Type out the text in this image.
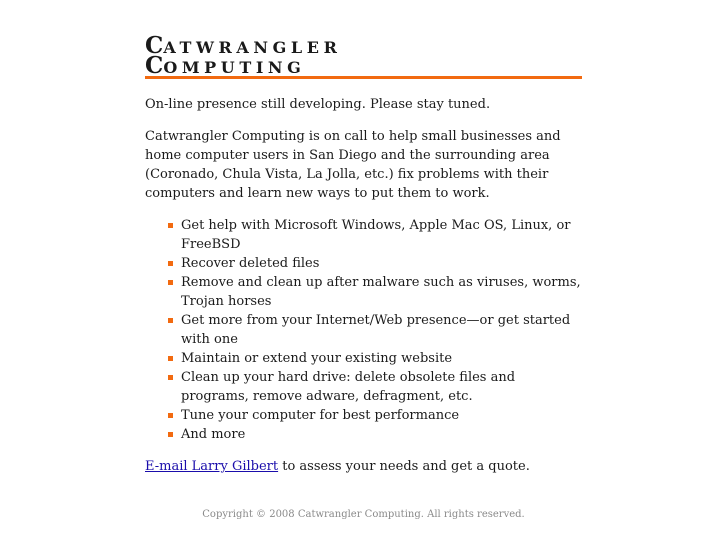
CATWRANGLER
COMPUTING

On-line presence still developing. Please stay tuned.

Catwrangler Computing is on call to help small businesses and home computer users in San Diego and the surrounding area (Coronado, Chula Vista, La Jolla, etc.) fix problems with their computers and learn new ways to put them to work.

Get help with Microsoft Windows, Apple Mac OS, Linux, or FreeBSD
Recover deleted files
Remove and clean up after malware such as viruses, worms, Trojan horses
Get more from your Internet/Web presence—or get started with one
Maintain or extend your existing website
Clean up your hard drive: delete obsolete files and programs, remove adware, defragment, etc.
Tune your computer for best performance
And more

E-mail Larry Gilbert to assess your needs and get a quote.

Copyright © 2008 Catwrangler Computing. All rights reserved.
